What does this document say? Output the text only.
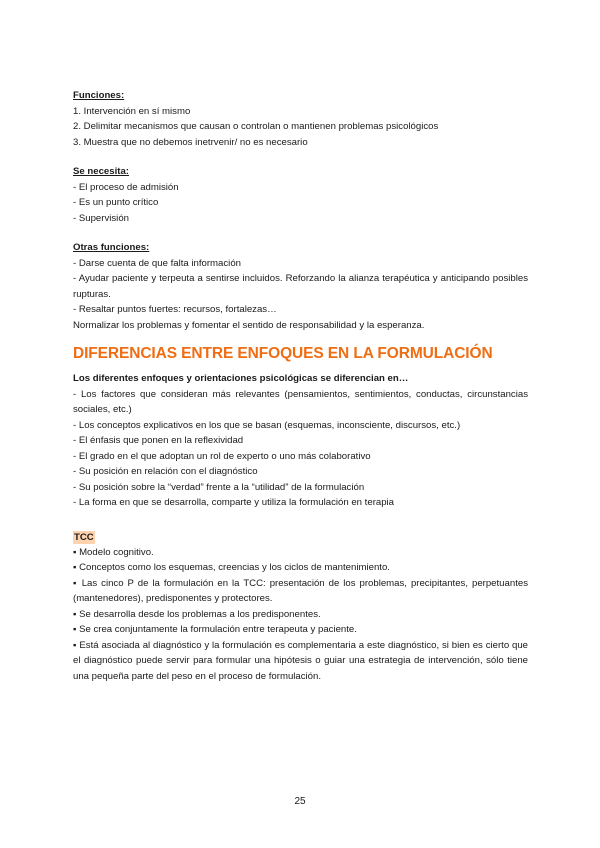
Funciones:
1. Intervención en sí mismo
2. Delimitar mecanismos que causan o controlan o mantienen problemas psicológicos
3. Muestra que no debemos inetrvenir/ no es necesario
Se necesita:
- El proceso de admisión
- Es un punto crítico
- Supervisión
Otras funciones:
- Darse cuenta de que falta información
- Ayudar paciente y terpeuta a sentirse incluidos. Reforzando la alianza terapéutica y anticipando posibles rupturas.
- Resaltar puntos fuertes: recursos, fortalezas…
Normalizar los problemas y fomentar el sentido de responsabilidad y la esperanza.
DIFERENCIAS ENTRE ENFOQUES EN LA FORMULACIÓN
Los diferentes enfoques y orientaciones psicológicas se diferencian en…
- Los factores que consideran más relevantes (pensamientos, sentimientos, conductas, circunstancias sociales, etc.)
- Los conceptos explicativos en los que se basan (esquemas, inconsciente, discursos, etc.)
- El énfasis que ponen en la reflexividad
- El grado en el que adoptan un rol de experto o uno más colaborativo
- Su posición en relación con el diagnóstico
- Su posición sobre la “verdad” frente a la “utilidad” de la formulación
- La forma en que se desarrolla, comparte y utiliza la formulación en terapia
TCC
▪ Modelo cognitivo.
▪ Conceptos como los esquemas, creencias y los ciclos de mantenimiento.
▪ Las cinco P de la formulación en la TCC: presentación de los problemas, precipitantes, perpetuantes (mantenedores), predisponentes y protectores.
▪ Se desarrolla desde los problemas a los predisponentes.
▪ Se crea conjuntamente la formulación entre terapeuta y paciente.
▪ Está asociada al diagnóstico y la formulación es complementaria a este diagnóstico, si bien es cierto que el diagnóstico puede servir para formular una hipótesis o guiar una estrategia de intervención, sólo tiene una pequeña parte del peso en el proceso de formulación.
25
